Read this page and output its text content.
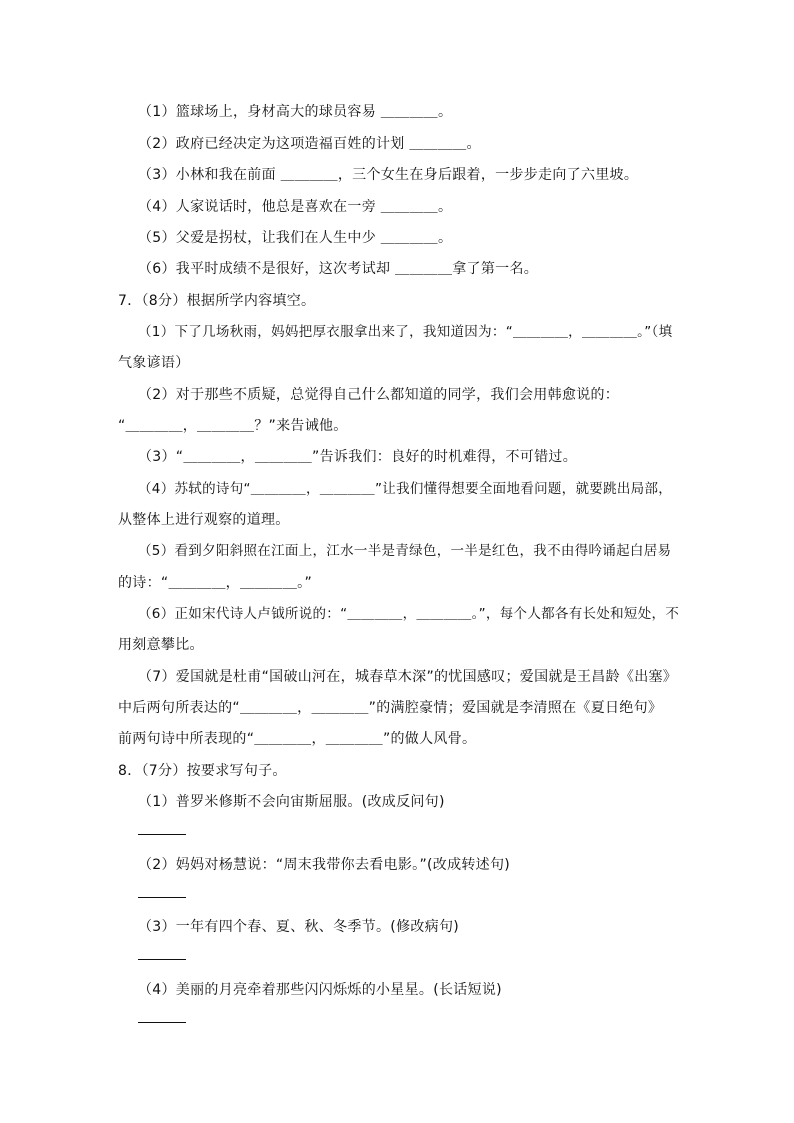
（1）篮球场上，身材高大的球员容易 ＿＿＿＿。
（2）政府已经决定为这项造福百姓的计划 ＿＿＿＿。
（3）小林和我在前面 ＿＿＿＿，三个女生在身后跟着，一步步走向了六里坡。
（4）人家说话时，他总是喜欢在一旁 ＿＿＿＿。
（5）父爱是拐杖，让我们在人生中少 ＿＿＿＿。
（6）我平时成绩不是很好，这次考试却 ＿＿＿＿拿了第一名。
7．（8分）根据所学内容填空。
（1）下了几场秋雨，妈妈把厚衣服拿出来了，我知道因为：“＿＿＿＿，＿＿＿＿。”（填
气象谚语）
（2）对于那些不质疑，总觉得自己什么都知道的同学，我们会用韩愈说的：
“＿＿＿＿，＿＿＿＿？”来告诫他。
（3）“＿＿＿＿，＿＿＿＿”告诉我们：良好的时机难得，不可错过。
（4）苏轼的诗句“＿＿＿＿，＿＿＿＿”让我们懂得想要全面地看问题，就要跳出局部，
从整体上进行观察的道理。
（5）看到夕阳斜照在江面上，江水一半是青绿色，一半是红色，我不由得吟诵起白居易
的诗：“＿＿＿＿，＿＿＿＿。”
（6）正如宋代诗人卢钺所说的：“＿＿＿＿，＿＿＿＿。”，每个人都各有长处和短处，不
用刻意攀比。
（7）爱国就是杜甫“国破山河在，城春草木深”的忧国感叹；爱国就是王昌龄《出塞》
中后两句所表达的“＿＿＿＿，＿＿＿＿”的满腔豪情；爱国就是李清照在《夏日绝句》
前两句诗中所表现的“＿＿＿＿，＿＿＿＿”的做人风骨。
8．（7分）按要求写句子。
（1）普罗米修斯不会向宙斯屈服。(改成反问句)
（2）妈妈对杨慧说：“周末我带你去看电影。”(改成转述句)
（3）一年有四个春、夏、秋、冬季节。(修改病句)
（4）美丽的月亮牵着那些闪闪烁烁的小星星。(长话短说)
